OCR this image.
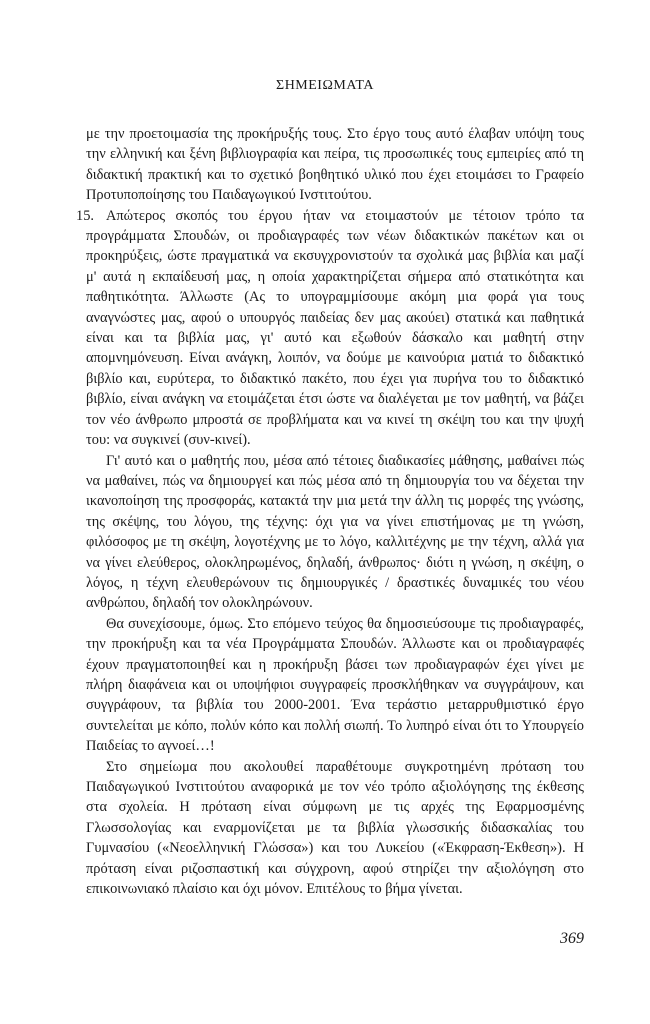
ΣΗΜΕΙΩΜΑΤΑ

με την προετοιμασία της προκήρυξής τους. Στο έργο τους αυτό έλαβαν υπόψη τους την ελληνική και ξένη βιβλιογραφία και πείρα, τις προσωπικές τους εμπειρίες από τη διδακτική πρακτική και το σχετικό βοηθητικό υλικό που έχει ετοιμάσει το Γραφείο Προτυποποίησης του Παιδαγωγικού Ινστιτούτου.

15. Απώτερος σκοπός του έργου ήταν να ετοιμαστούν με τέτοιον τρόπο τα προγράμματα Σπουδών, οι προδιαγραφές των νέων διδακτικών πακέτων και οι προκηρύξεις, ώστε πραγματικά να εκσυγχρονιστούν τα σχολικά μας βιβλία και μαζί μ' αυτά η εκπαίδευσή μας, η οποία χαρακτηρίζεται σήμερα από στατικότητα και παθητικότητα. Άλλωστε (Ας το υπογραμμίσουμε ακόμη μια φορά για τους αναγνώστες μας, αφού ο υπουργός παιδείας δεν μας ακούει) στατικά και παθητικά είναι και τα βιβλία μας, γι' αυτό και εξωθούν δάσκαλο και μαθητή στην απομνημόνευση. Είναι ανάγκη, λοιπόν, να δούμε με καινούρια ματιά το διδακτικό βιβλίο και, ευρύτερα, το διδακτικό πακέτο, που έχει για πυρήνα του το διδακτικό βιβλίο, είναι ανάγκη να ετοιμάζεται έτσι ώστε να διαλέγεται με τον μαθητή, να βάζει τον νέο άνθρωπο μπροστά σε προβλήματα και να κινεί τη σκέψη του και την ψυχή του: να συγκινεί (συν-κινεί).

Γι' αυτό και ο μαθητής που, μέσα από τέτοιες διαδικασίες μάθησης, μαθαίνει πώς να μαθαίνει, πώς να δημιουργεί και πώς μέσα από τη δημιουργία του να δέχεται την ικανοποίηση της προσφοράς, κατακτά την μια μετά την άλλη τις μορφές της γνώσης, της σκέψης, του λόγου, της τέχνης: όχι για να γίνει επιστήμονας με τη γνώση, φιλόσοφος με τη σκέψη, λογοτέχνης με το λόγο, καλλιτέχνης με την τέχνη, αλλά για να γίνει ελεύθερος, ολοκληρωμένος, δηλαδή, άνθρωπος· διότι η γνώση, η σκέψη, ο λόγος, η τέχνη ελευθερώνουν τις δημιουργικές / δραστικές δυναμικές του νέου ανθρώπου, δηλαδή τον ολοκληρώνουν.

Θα συνεχίσουμε, όμως. Στο επόμενο τεύχος θα δημοσιεύσουμε τις προδιαγραφές, την προκήρυξη και τα νέα Προγράμματα Σπουδών. Άλλωστε και οι προδιαγραφές έχουν πραγματοποιηθεί και η προκήρυξη βάσει των προδιαγραφών έχει γίνει με πλήρη διαφάνεια και οι υποψήφιοι συγγραφείς προσκλήθηκαν να συγγράψουν, και συγγράφουν, τα βιβλία του 2000-2001. Ένα τεράστιο μεταρρυθμιστικό έργο συντελείται με κόπο, πολύν κόπο και πολλή σιωπή. Το λυπηρό είναι ότι το Υπουργείο Παιδείας το αγνοεί…!

Στο σημείωμα που ακολουθεί παραθέτουμε συγκροτημένη πρόταση του Παιδαγωγικού Ινστιτούτου αναφορικά με τον νέο τρόπο αξιολόγησης της έκθεσης στα σχολεία. Η πρόταση είναι σύμφωνη με τις αρχές της Εφαρμοσμένης Γλωσσολογίας και εναρμονίζεται με τα βιβλία γλωσσικής διδασκαλίας του Γυμνασίου («Νεοελληνική Γλώσσα») και του Λυκείου («Έκφραση-Έκθεση»). Η πρόταση είναι ριζοσπαστική και σύγχρονη, αφού στηρίζει την αξιολόγηση στο επικοινωνιακό πλαίσιο και όχι μόνον. Επιτέλους το βήμα γίνεται.

369
